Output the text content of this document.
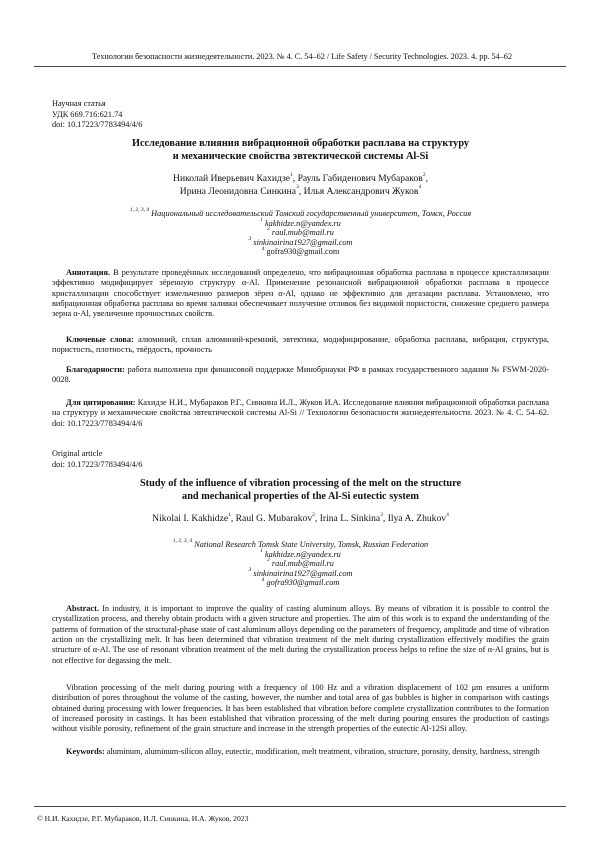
Технологии безопасности жизнедеятельности. 2023. № 4. С. 54–62 / Life Safety / Security Technologies. 2023. 4. pp. 54–62
Научная статья
УДК 669.716:621.74
doi: 10.17223/7783494/4/6
Исследование влияния вибрационной обработки расплава на структуру
и механические свойства эвтектической системы Al-Si
Николай Иверьевич Кахидзе$^1$, Рауль Габиденович Мубараков$^2$,
Ирина Леонидовна Синкина$^3$, Илья Александрович Жуков$^4$
$^{1, 2, 3, 4}$ Национальный исследовательский Томский государственный университет, Томск, Россия
$^1$ kakhidze.n@yandex.ru
$^2$ raul.mub@mail.ru
$^3$ sinkinairina1927@gmail.com
$^4$ gofra930@gmail.com
Аннотация. В результате проведённых исследований определено, что вибрационная обработка расплава в процессе кристаллизации эффективно модифицирует зёренную структуру α-Al. Применение резонансной вибрационной обработки расплава в процессе кристаллизации способствует измельчению размеров зёрен α-Al, однако не эффективно для дегазации расплава. Установлено, что вибрационная обработка расплава во время заливки обеспечивает получение отливок без видимой пористости, снижение среднего размера зерна α-Al, увеличение прочностных свойств.
Ключевые слова: алюминий, сплав алюминий-кремний, эвтектика, модифицирование, обработка расплава, вибрация, структура, пористость, плотность, твёрдость, прочность
Благодарности: работа выполнена при финансовой поддержке Минобрнауки РФ в рамках государственного задания № FSWM-2020-0028.
Для цитирования: Кахидзе Н.И., Мубараков Р.Г., Синкина И.Л., Жуков И.А. Исследование влияния вибрационной обработки расплава на структуру и механические свойства эвтектической системы Al-Si // Технологии безопасности жизнедеятельности. 2023. № 4. С. 54–62. doi: 10.17223/7783494/4/6
Original article
doi: 10.17223/7783494/4/6
Study of the influence of vibration processing of the melt on the structure
and mechanical properties of the Al-Si eutectic system
Nikolai I. Kakhidze$^1$, Raul G. Mubarakov$^2$, Irina L. Sinkina$^3$, Ilya A. Zhukov$^4$
$^{1, 2, 3, 4}$ National Research Tomsk State University, Tomsk, Russian Federation
$^1$ kakhidze.n@yandex.ru
$^2$ raul.mub@mail.ru
$^3$ sinkinairina1927@gmail.com
$^4$ gofra930@gmail.com
Abstract. In industry, it is important to improve the quality of casting aluminum alloys. By means of vibration it is possible to control the crystallization process, and thereby obtain products with a given structure and properties. The aim of this work is to expand the understanding of the patterns of formation of the structural-phase state of cast aluminum alloys depending on the parameters of frequency, amplitude and time of vibration action on the crystallizing melt. It has been determined that vibration treatment of the melt during crystallization effectively modifies the grain structure of α-Al. The use of resonant vibration treatment of the melt during the crystallization process helps to refine the size of α-Al grains, but is not effective for degassing the melt.
Vibration processing of the melt during pouring with a frequency of 100 Hz and a vibration displacement of 102 μm ensures a uniform distribution of pores throughout the volume of the casting, however, the number and total area of gas bubbles is higher in comparison with castings obtained during processing with lower frequencies. It has been established that vibration before complete crystallization contributes to the formation of increased porosity in castings. It has been established that vibration processing of the melt during pouring ensures the production of castings without visible porosity, refinement of the grain structure and increase in the strength properties of the eutectic Al-12Si alloy.
Keywords: aluminum, aluminum-silicon alloy, eutectic, modification, melt treatment, vibration, structure, porosity, density, hardness, strength
© Н.И. Кахидзе, Р.Г. Мубараков, И.Л. Синкина, И.А. Жуков, 2023
